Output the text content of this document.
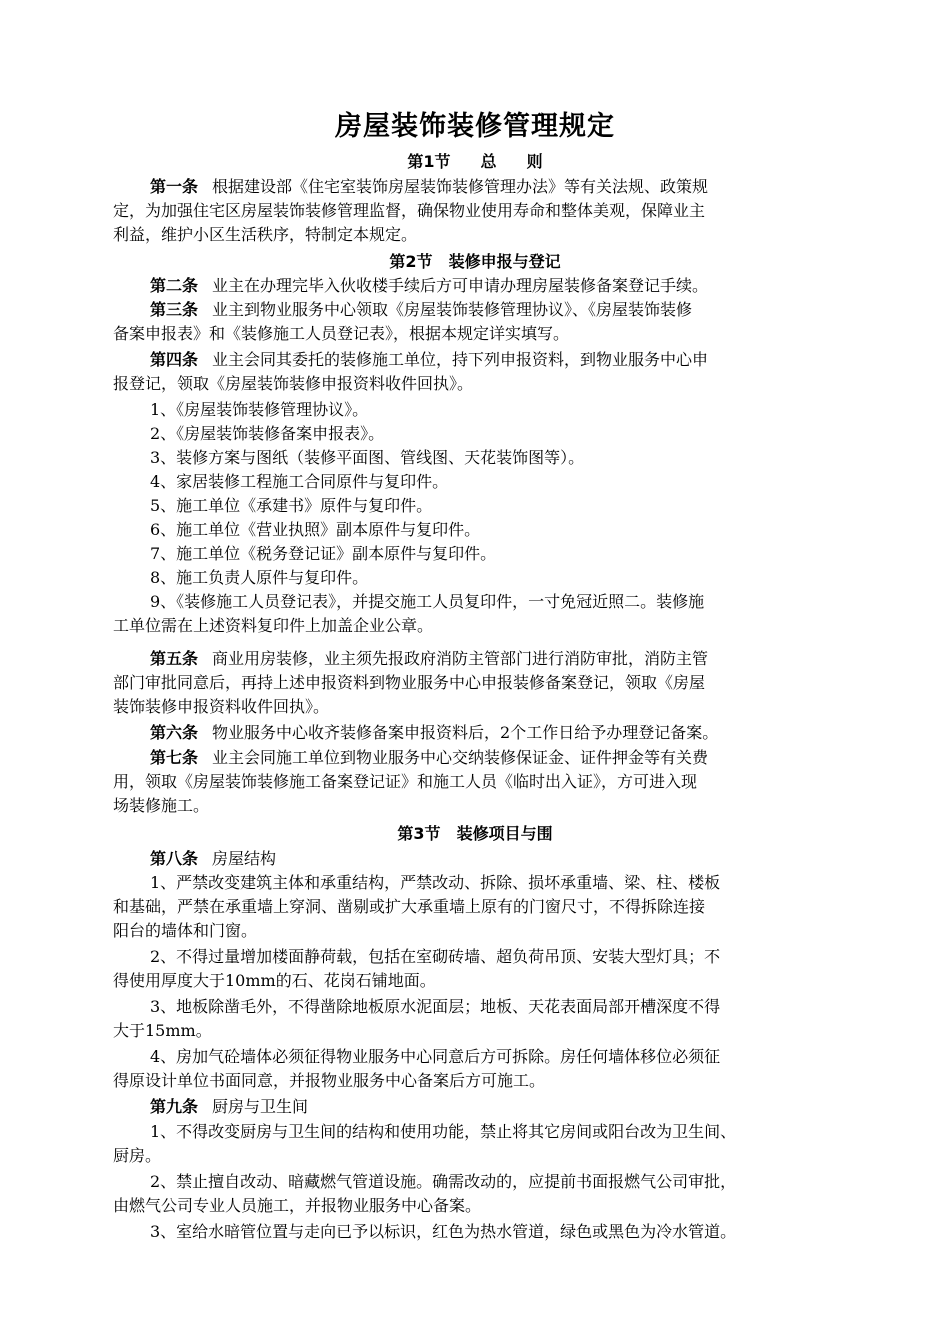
房屋装饰装修管理规定
第1节 总 则
第一条 根据建设部《住宅室装饰房屋装饰装修管理办法》等有关法规、政策规
定，为加强住宅区房屋装饰装修管理监督，确保物业使用寿命和整体美观，保障业主
利益，维护小区生活秩序，特制定本规定。
第2节 装修申报与登记
第二条 业主在办理完毕入伙收楼手续后方可申请办理房屋装修备案登记手续。
第三条 业主到物业服务中心领取《房屋装饰装修管理协议》、《房屋装饰装修
备案申报表》和《装修施工人员登记表》，根据本规定详实填写。
第四条 业主会同其委托的装修施工单位，持下列申报资料，到物业服务中心申
报登记，领取《房屋装饰装修申报资料收件回执》。
1、《房屋装饰装修管理协议》。
2、《房屋装饰装修备案申报表》。
3、装修方案与图纸（装修平面图、管线图、天花装饰图等）。
4、家居装修工程施工合同原件与复印件。
5、施工单位《承建书》原件与复印件。
6、施工单位《营业执照》副本原件与复印件。
7、施工单位《税务登记证》副本原件与复印件。
8、施工负责人原件与复印件。
9、《装修施工人员登记表》，并提交施工人员复印件，一寸免冠近照二。装修施
工单位需在上述资料复印件上加盖企业公章。
第五条 商业用房装修，业主须先报政府消防主管部门进行消防审批，消防主管
部门审批同意后，再持上述申报资料到物业服务中心申报装修备案登记，领取《房屋
装饰装修申报资料收件回执》。
第六条 物业服务中心收齐装修备案申报资料后，2个工作日给予办理登记备案。
第七条 业主会同施工单位到物业服务中心交纳装修保证金、证件押金等有关费
用，领取《房屋装饰装修施工备案登记证》和施工人员《临时出入证》，方可进入现
场装修施工。
第3节 装修项目与围
第八条 房屋结构
1、严禁改变建筑主体和承重结构，严禁改动、拆除、损坏承重墙、梁、柱、楼板
和基础，严禁在承重墙上穿洞、凿剔或扩大承重墙上原有的门窗尺寸，不得拆除连接
阳台的墙体和门窗。
2、不得过量增加楼面静荷载，包括在室砌砖墙、超负荷吊顶、安装大型灯具；不
得使用厚度大于10mm的石、花岗石铺地面。
3、地板除凿毛外，不得凿除地板原水泥面层；地板、天花表面局部开槽深度不得
大于15mm。
4、房加气砼墙体必须征得物业服务中心同意后方可拆除。房任何墙体移位必须征
得原设计单位书面同意，并报物业服务中心备案后方可施工。
第九条 厨房与卫生间
1、不得改变厨房与卫生间的结构和使用功能，禁止将其它房间或阳台改为卫生间、
厨房。
2、禁止擅自改动、暗藏燃气管道设施。确需改动的，应提前书面报燃气公司审批，
由燃气公司专业人员施工，并报物业服务中心备案。
3、室给水暗管位置与走向已予以标识，红色为热水管道，绿色或黑色为冷水管道。
